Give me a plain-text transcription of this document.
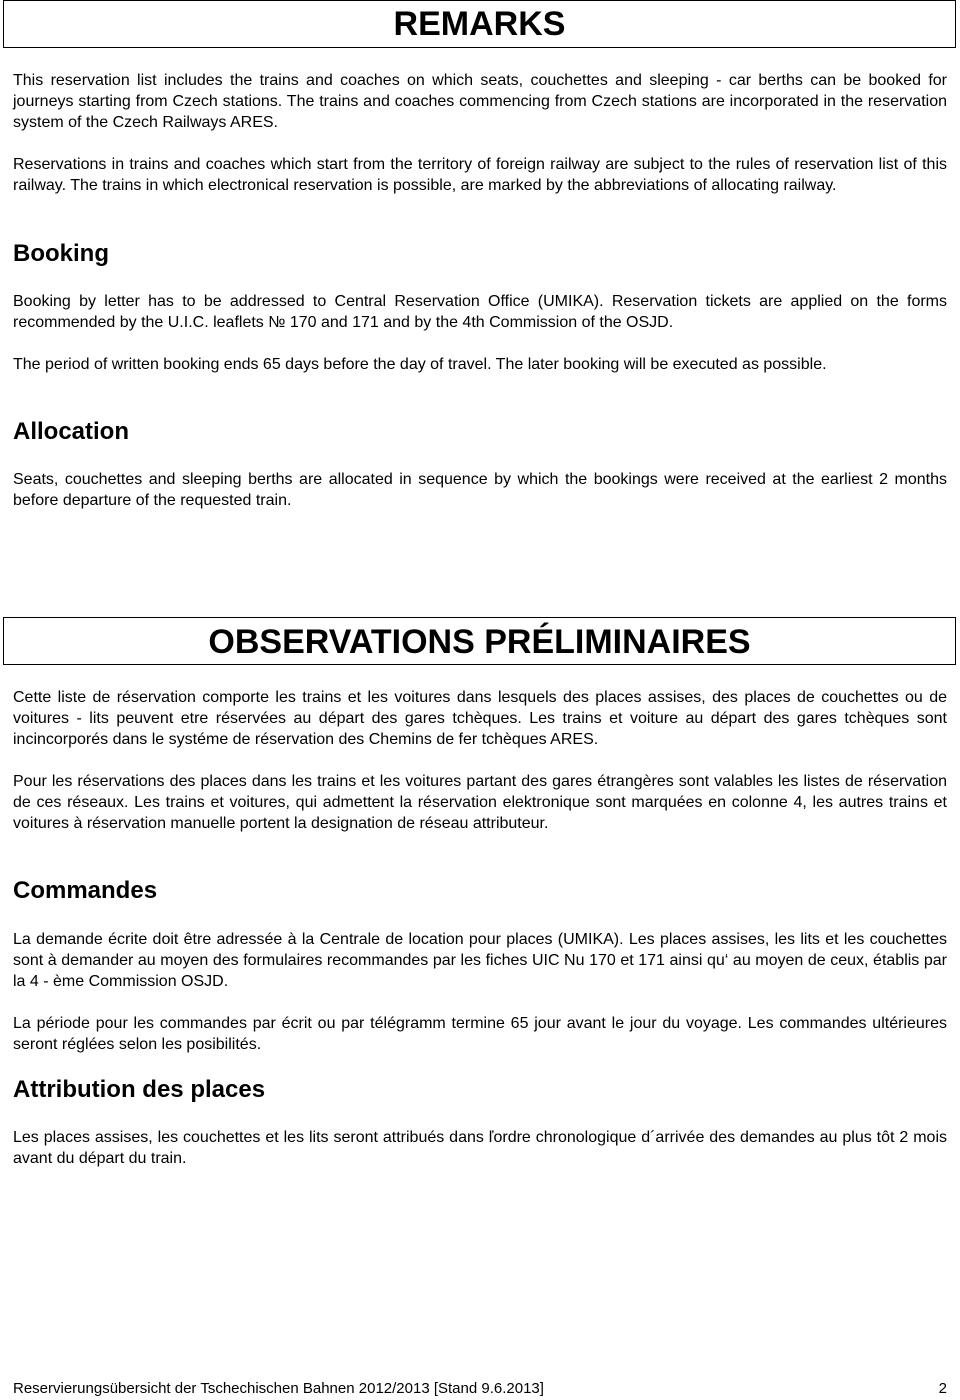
REMARKS

This reservation list includes the trains and coaches on which seats, couchettes and sleeping - car berths can be booked for journeys starting from Czech stations. The trains and coaches commencing from Czech stations are incorporated in the reservation system of the Czech Railways ARES.

Reservations in trains and coaches which start from the territory of foreign railway are subject to the rules of reservation list of this railway. The trains in which electronical reservation is possible, are marked by the abbreviations of allocating railway.

Booking

Booking by letter has to be addressed to Central Reservation Office (UMIKA). Reservation tickets are applied on the forms recommended by the U.I.C. leaflets № 170 and 171 and by the 4th Commission of the OSJD.

The period of written booking ends 65 days before the day of travel. The later booking will be executed as possible.

Allocation

Seats, couchettes and sleeping berths are allocated in sequence by which the bookings were received at the earliest 2 months before departure of the requested train.

OBSERVATIONS PRÉLIMINAIRES

Cette liste de réservation comporte les trains et les voitures dans lesquels des places assises, des places de couchettes ou de voitures - lits peuvent etre réservées au départ des gares tchèques. Les trains et voiture au départ des gares tchèques sont incincorporés dans le systéme de réservation des Chemins de fer tchèques ARES.

Pour les réservations des places dans les trains et les voitures partant des gares étrangères sont valables les listes de réservation de ces réseaux. Les trains et voitures, qui admettent la réservation elektronique sont marquées en colonne 4, les autres trains et voitures à réservation manuelle portent la designation de réseau attributeur.

Commandes

La demande écrite doit être adressée à la Centrale de location pour places (UMIKA). Les places assises, les lits et les couchettes sont à demander au moyen des formulaires recommandes par les fiches UIC Nu 170 et 171 ainsi qu‘ au moyen de ceux, établis par la 4 - ème Commission OSJD.

La période pour les commandes par écrit ou par télégramm termine 65 jour avant le jour du voyage. Les commandes ultérieures seront réglées selon les posibilités.

Attribution des places

Les places assises, les couchettes et les lits seront attribués dans ľordre chronologique d´arrivée des demandes au plus tôt 2 mois avant du départ du train.

Reservierungsübersicht der Tschechischen Bahnen 2012/2013 [Stand 9.6.2013]	2
